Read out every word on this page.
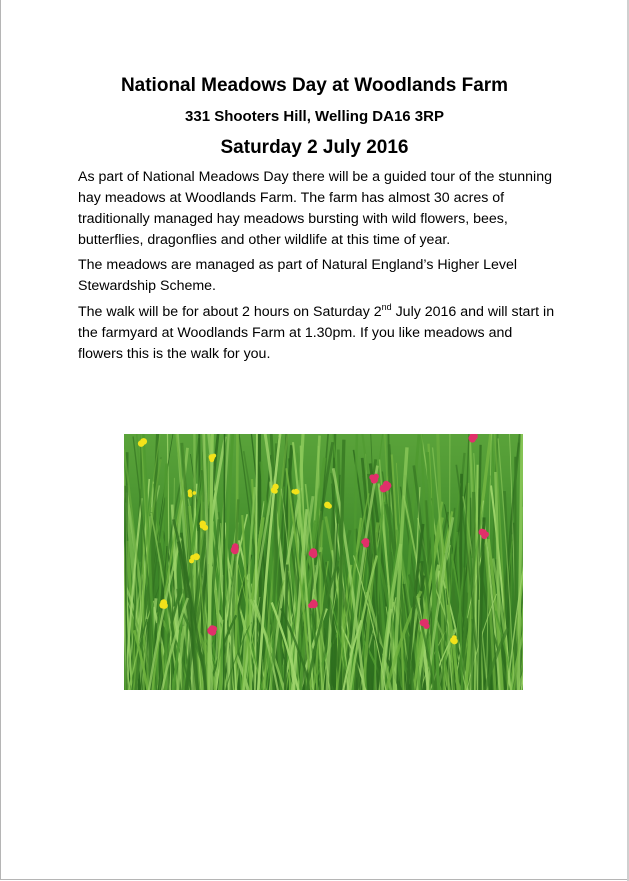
National Meadows Day at Woodlands Farm
331 Shooters Hill, Welling DA16 3RP
Saturday 2 July 2016

As part of National Meadows Day there will be a guided tour of the stunning hay meadows at Woodlands Farm. The farm has almost 30 acres of traditionally managed hay meadows bursting with wild flowers, bees, butterflies, dragonflies and other wildlife at this time of year.

The meadows are managed as part of Natural England’s Higher Level Stewardship Scheme.

The walk will be for about 2 hours on Saturday 2nd July 2016 and will start in the farmyard at Woodlands Farm at 1.30pm. If you like meadows and flowers this is the walk for you.
